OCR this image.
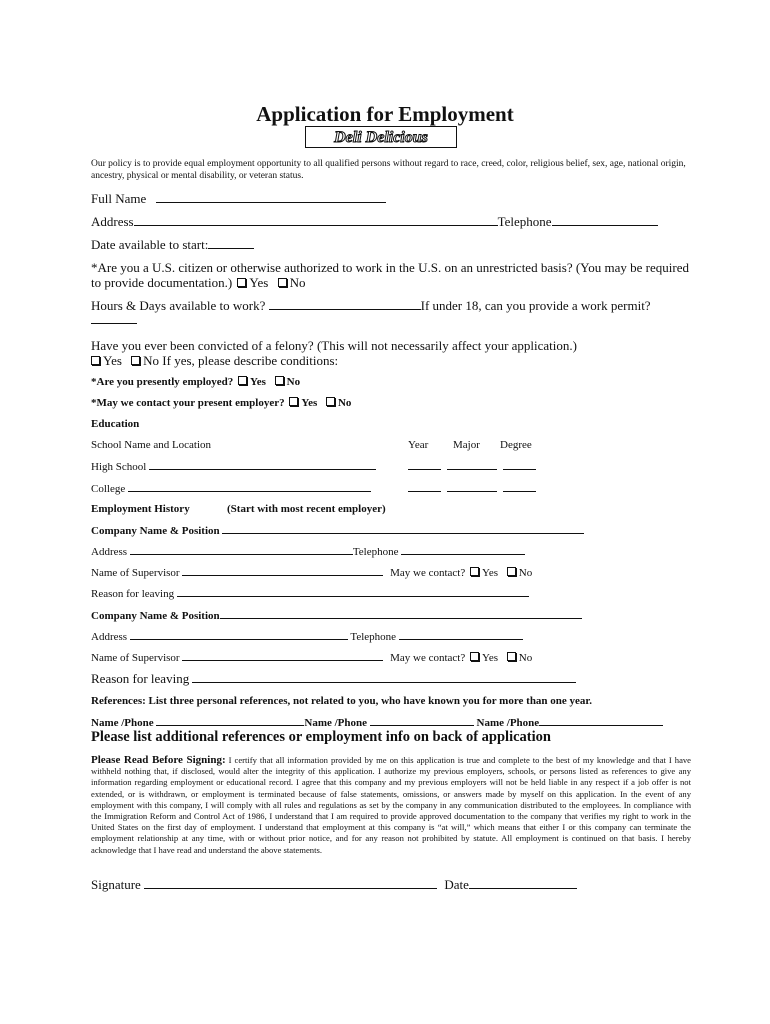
Application for Employment
Deli Delicious
Our policy is to provide equal employment opportunity to all qualified persons without regard to race, creed, color, religious belief, sex, age, national origin, ancestry, physical or mental disability, or veteran status.
Full Name
Address	Telephone
Date available to start:
*Are you a U.S. citizen or otherwise authorized to work in the U.S. on an unrestricted basis? (You may be required
to provide documentation.) Yes No
Hours & Days available to work?	If under 18, can you provide a work permit?
Have you ever been convicted of a felony? (This will not necessarily affect your application.)
Yes No If yes, please describe conditions:
*Are you presently employed? Yes No
*May we contact your present employer? Yes No
Education
School Name and Location	Year Major Degree
High School

College

Employment History	(Start with most recent employer)
Company Name & Position
Address	Telephone
Name of Supervisor	May we contact? Yes No
Reason for leaving
Company Name & Position
Address	Telephone
Name of Supervisor	May we contact? Yes No
Reason for leaving
References: List three personal references, not related to you, who have known you for more than one year.
Name /Phone	Name /Phone	Name /Phone
Please list additional references or employment info on back of application
Please Read Before Signing: I certify that all information provided by me on this application is true and complete to the best of my knowledge and that I have withheld nothing that, if disclosed, would alter the integrity of this application. I authorize my previous employers, schools, or persons listed as references to give any information regarding employment or educational record. I agree that this company and my previous employers will not be held liable in any respect if a job offer is not extended, or is withdrawn, or employment is terminated because of false statements, omissions, or answers made by myself on this application. In the event of any employment with this company, I will comply with all rules and regulations as set by the company in any communication distributed to the employees. In compliance with the Immigration Reform and Control Act of 1986, I understand that I am required to provide approved documentation to the company that verifies my right to work in the United States on the first day of employment. I understand that employment at this company is “at will,” which means that either I or this company can terminate the employment relationship at any time, with or without prior notice, and for any reason not prohibited by statute. All employment is continued on that basis. I hereby acknowledge that I have read and understand the above statements.
Signature	Date
